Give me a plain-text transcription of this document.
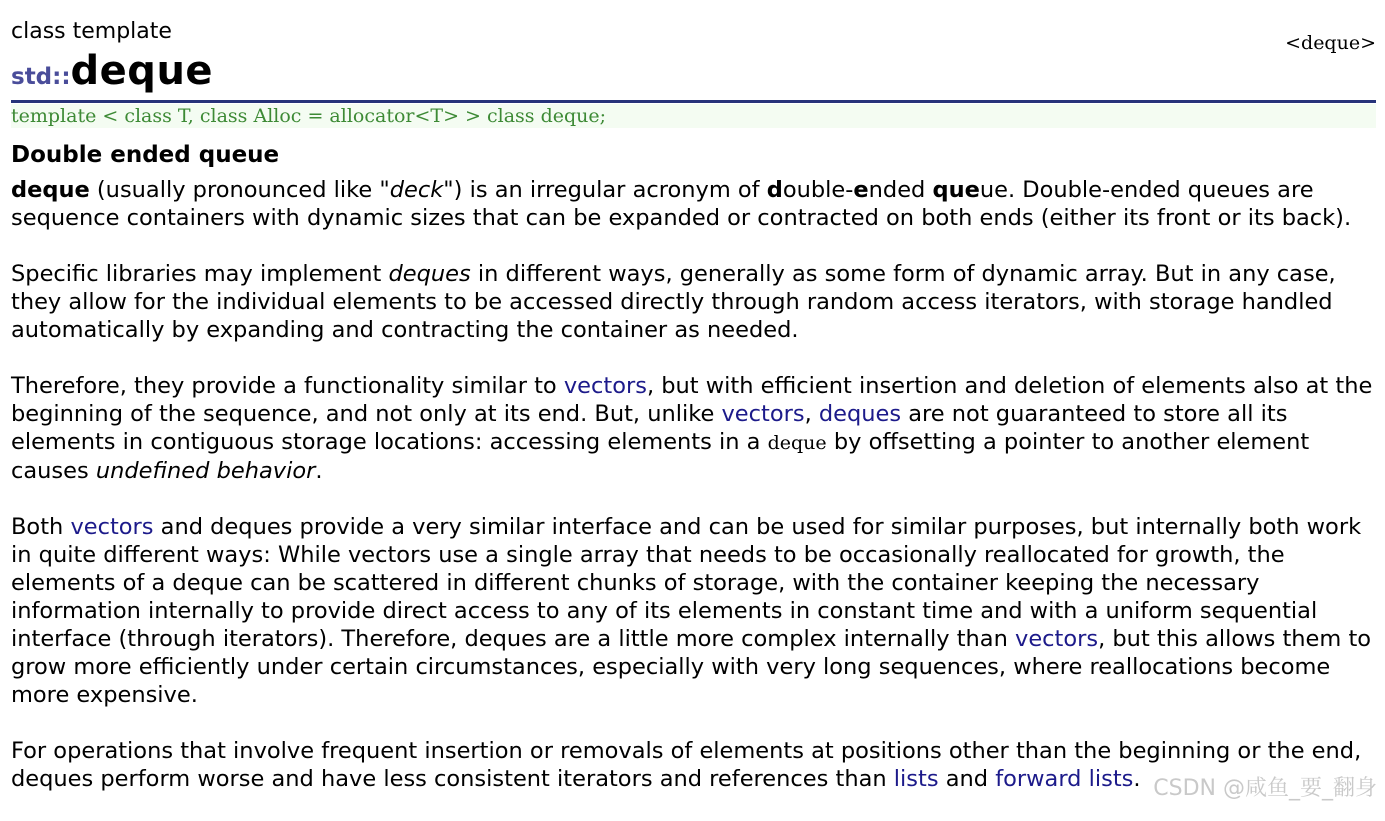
class template
std::deque
<deque>
template < class T, class Alloc = allocator<T> > class deque;
Double ended queue

deque (usually pronounced like "deck") is an irregular acronym of double-ended queue. Double-ended queues are sequence containers with dynamic sizes that can be expanded or contracted on both ends (either its front or its back).

Specific libraries may implement deques in different ways, generally as some form of dynamic array. But in any case, they allow for the individual elements to be accessed directly through random access iterators, with storage handled automatically by expanding and contracting the container as needed.

Therefore, they provide a functionality similar to vectors, but with efficient insertion and deletion of elements also at the beginning of the sequence, and not only at its end. But, unlike vectors, deques are not guaranteed to store all its elements in contiguous storage locations: accessing elements in a deque by offsetting a pointer to another element causes undefined behavior.

Both vectors and deques provide a very similar interface and can be used for similar purposes, but internally both work in quite different ways: While vectors use a single array that needs to be occasionally reallocated for growth, the elements of a deque can be scattered in different chunks of storage, with the container keeping the necessary information internally to provide direct access to any of its elements in constant time and with a uniform sequential interface (through iterators). Therefore, deques are a little more complex internally than vectors, but this allows them to grow more efficiently under certain circumstances, especially with very long sequences, where reallocations become more expensive.

For operations that involve frequent insertion or removals of elements at positions other than the beginning or the end, deques perform worse and have less consistent iterators and references than lists and forward lists. CSDN @咸鱼_要_翻身
